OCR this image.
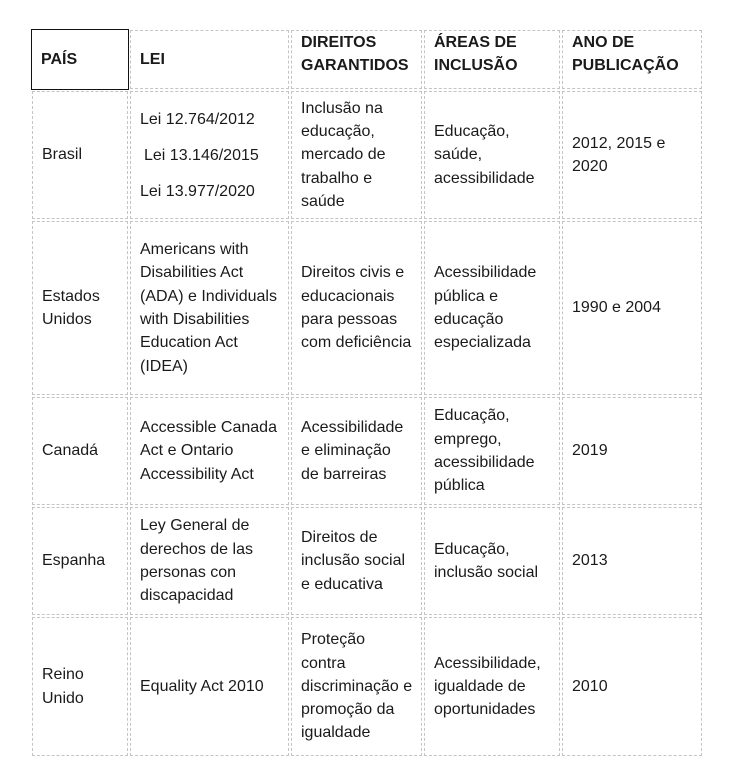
PAÍS	LEI
DIREITOS GARANTIDOS
ÁREAS DE INCLUSÃO
ANO DE PUBLICAÇÃO
Brasil
Lei 12.764/2012
Lei 13.146/2015
Lei 13.977/2020
Inclusão na educação, mercado de trabalho e saúde
Educação, saúde, acessibilidade
2012, 2015 e 2020
Estados Unidos
Americans with Disabilities Act (ADA) e Individuals with Disabilities Education Act (IDEA)
Direitos civis e educacionais para pessoas com deficiência
Acessibilidade pública e educação especializada
1990 e 2004
Canadá
Accessible Canada Act e Ontario Accessibility Act
Acessibilidade e eliminação de barreiras
Educação, emprego, acessibilidade pública
2019
Espanha
Ley General de derechos de las personas con discapacidad
Direitos de inclusão social e educativa
Educação, inclusão social
2013
Reino Unido
Equality Act 2010
Proteção contra discriminação e promoção da igualdade
Acessibilidade, igualdade de oportunidades
2010
